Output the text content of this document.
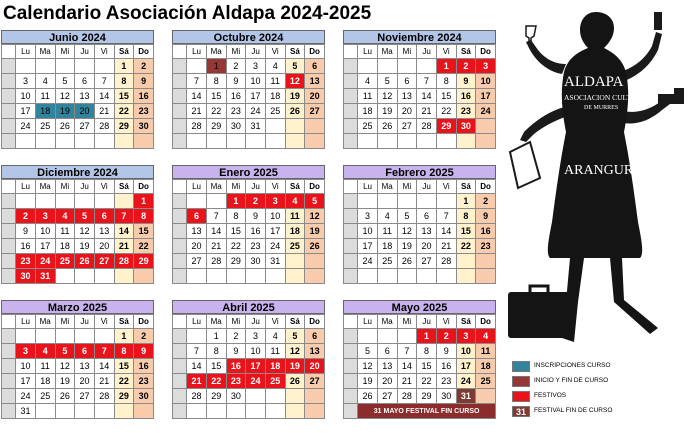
Calendario Asociación Aldapa 2024-2025
Junio 2024
	Lu	Ma	Mi	Ju	Vi	Sá	Do
						1	2
	3	4	5	6	7	8	9
	10	11	12	13	14	15	16
	17	18	19	20	21	22	23
	24	25	26	27	28	29	30

Octubre 2024
	Lu	Ma	Mi	Ju	Vi	Sá	Do
		1	2	3	4	5	6
	7	8	9	10	11	12	13
	14	15	16	17	18	19	20
	21	22	23	24	25	26	27
	28	29	30	31			

Noviembre 2024
	Lu	Ma	Mi	Ju	Vi	Sá	Do
					1	2	3
	4	5	6	7	8	9	10
	11	12	13	14	15	16	17
	18	19	20	21	22	23	24
	25	26	27	28	29	30	

Diciembre 2024
	Lu	Ma	Mi	Ju	Vi	Sá	Do
							1
	2	3	4	5	6	7	8
	9	10	11	12	13	14	15
	16	17	18	19	20	21	22
	23	24	25	26	27	28	29
	30	31					
Enero 2025
	Lu	Ma	Mi	Ju	Vi	Sá	Do
			1	2	3	4	5
	6	7	8	9	10	11	12
	13	14	15	16	17	18	19
	20	21	22	23	24	25	26
	27	28	29	30	31		

Febrero 2025
	Lu	Ma	Mi	Ju	Vi	Sá	Do
						1	2
	3	4	5	6	7	8	9
	10	11	12	13	14	15	16
	17	18	19	20	21	22	23
	24	25	26	27	28		

Marzo 2025
	Lu	Ma	Mi	Ju	Vi	Sá	Do
						1	2
	3	4	5	6	7	8	9
	10	11	12	13	14	15	16
	17	18	19	20	21	22	23
	24	25	26	27	28	29	30
	31						
Abril 2025
	Lu	Ma	Mi	Ju	Vi	Sá	Do
		1	2	3	4	5	6
	7	8	9	10	11	12	13
	14	15	16	17	18	19	20
	21	22	23	24	25	26	27
	28	29	30				

Mayo 2025
	Lu	Ma	Mi	Ju	Vi	Sá	Do
				1	2	3	4
	5	6	7	8	9	10	11
	12	13	14	15	16	17	18
	19	20	21	22	23	24	25
	26	27	28	29	30	31	
	31 MAYO FESTIVAL FIN CURSO						
ALDAPA
ASOCIACION CULTURAL
DE MURRES
ARANGUREN
INSCRIPCIONES CURSO
INICIO Y FIN DE CURSO
FESTIVOS
31	FESTIVAL FIN DE CURSO
